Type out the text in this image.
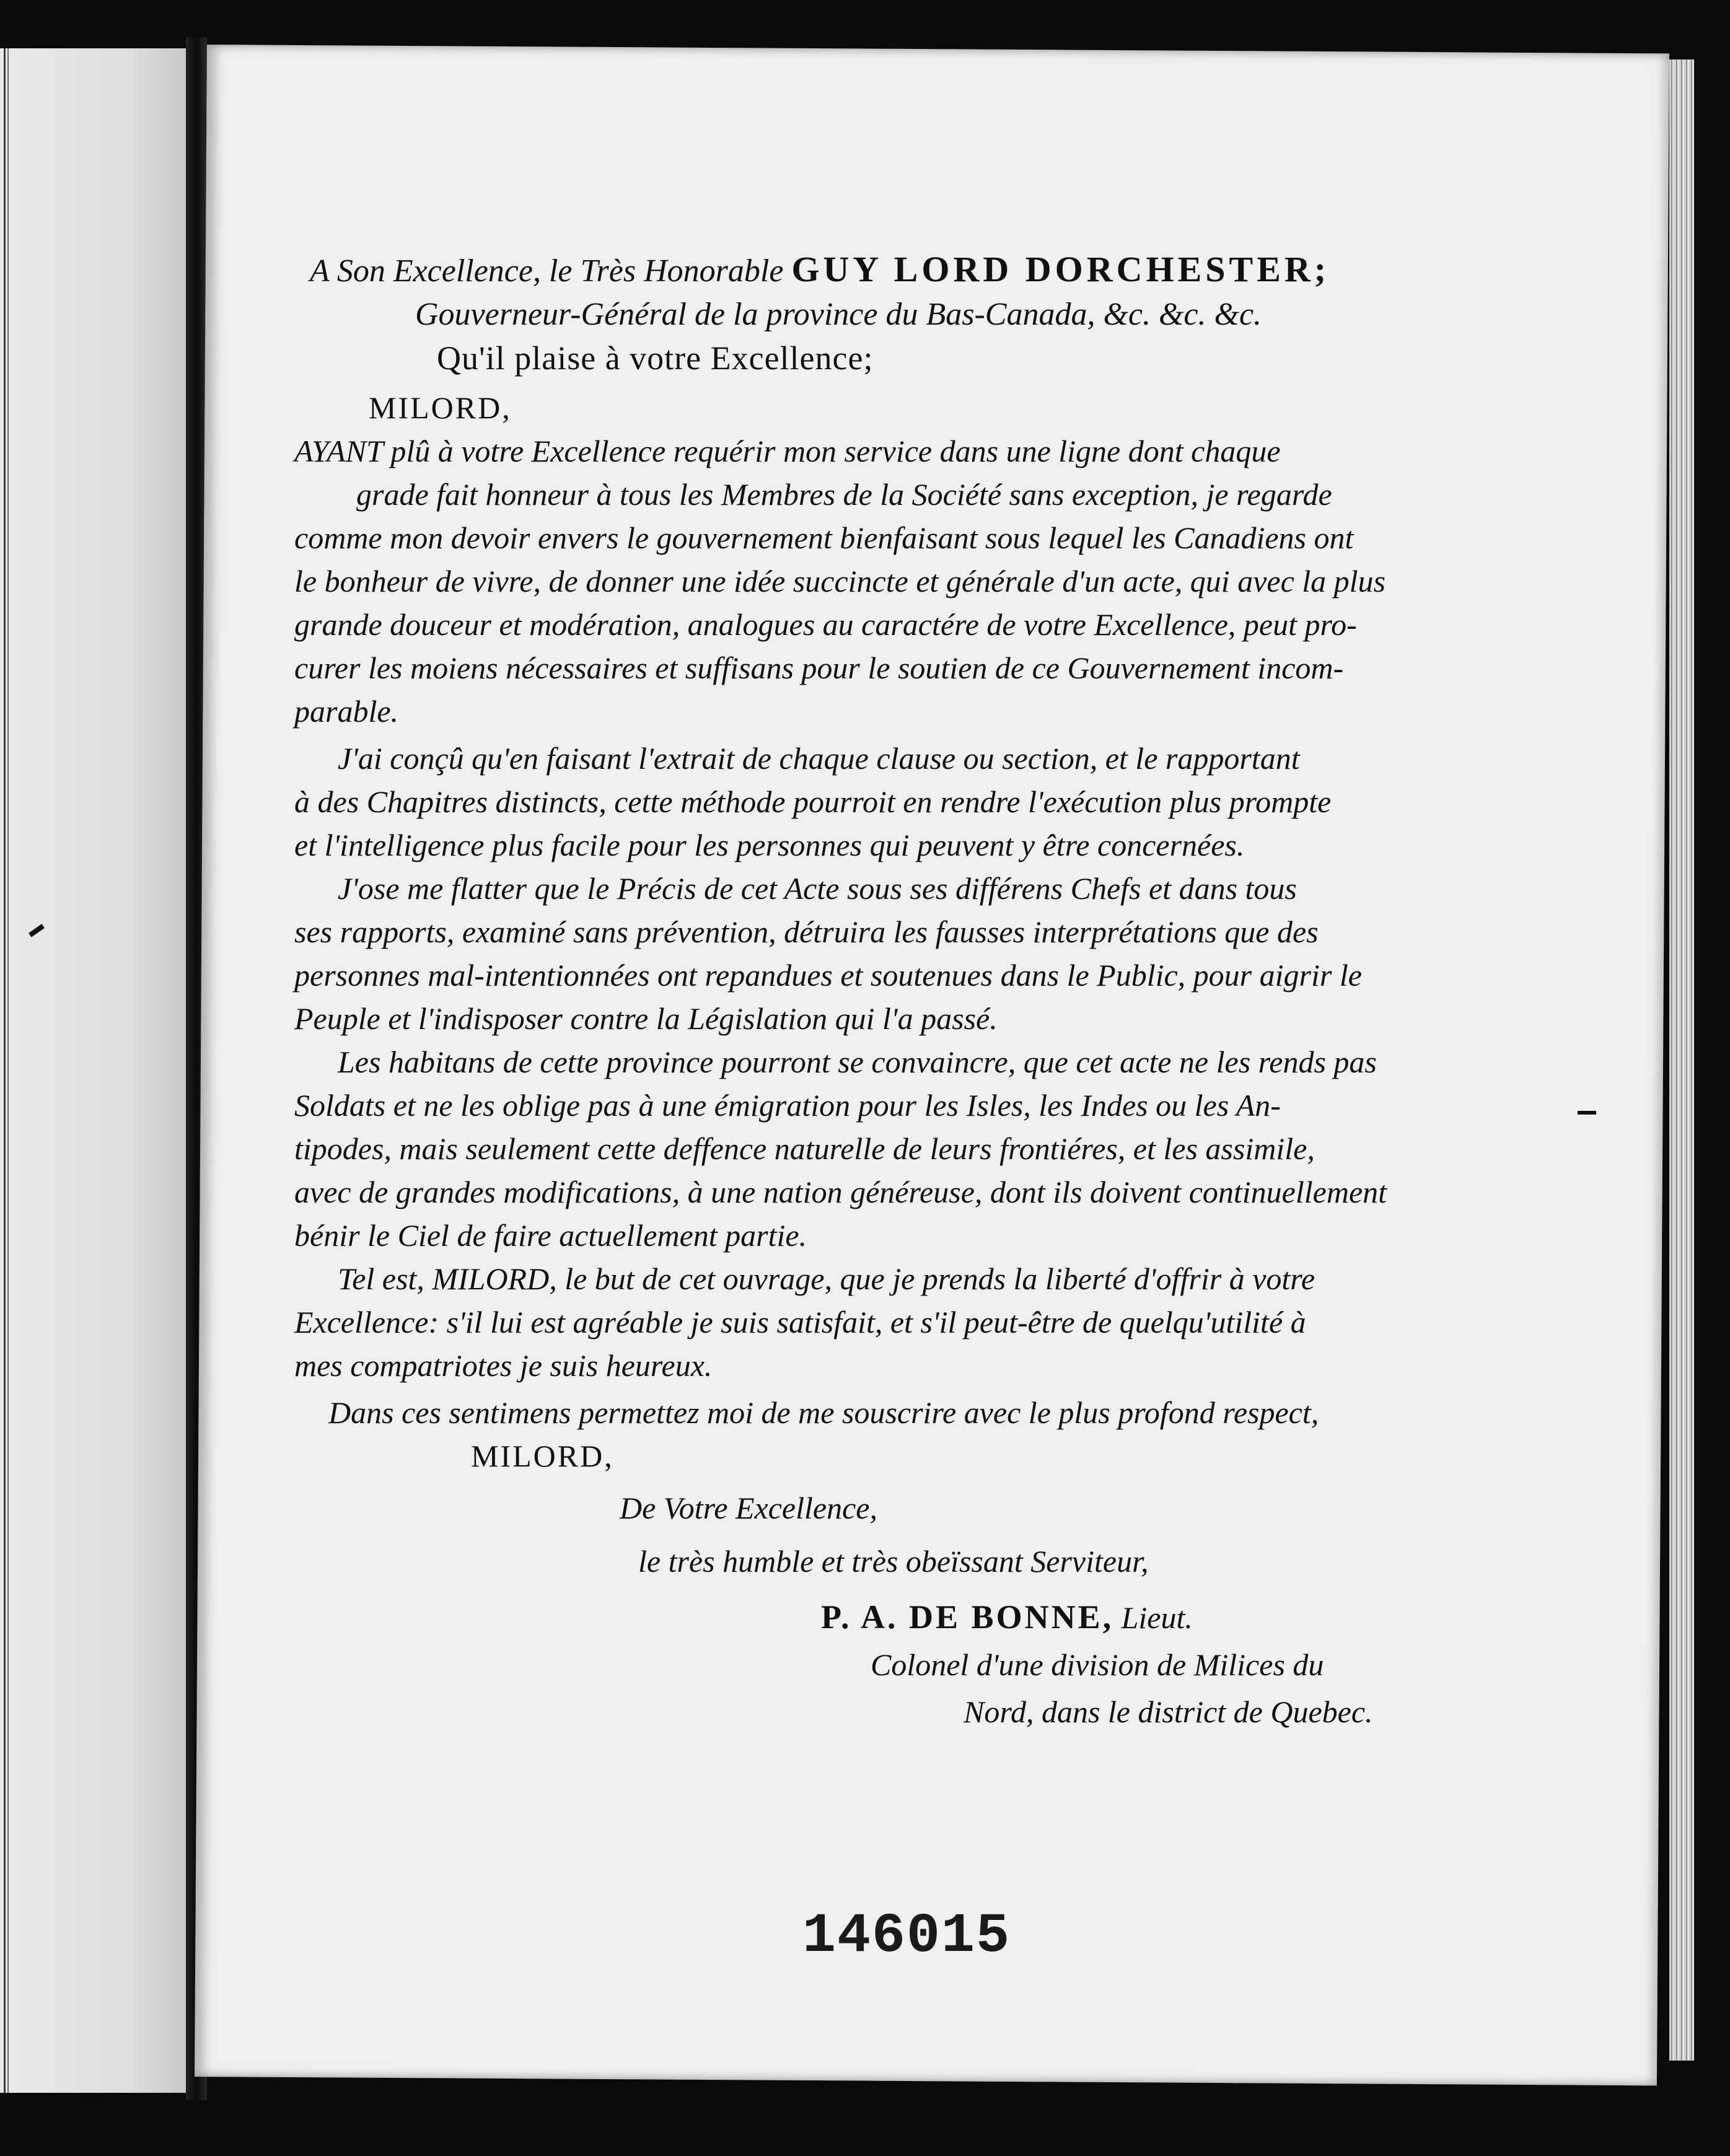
A Son Excellence, le Très Honorable GUY LORD DORCHESTER;
Gouverneur-Général de la province du Bas-Canada, &c. &c. &c.
Qu'il plaise à votre Excellence;
MILORD,
AYANT plû à votre Excellence requérir mon service dans une ligne dont chaque
grade fait honneur à tous les Membres de la Société sans exception, je regarde
comme mon devoir envers le gouvernement bienfaisant sous lequel les Canadiens ont
le bonheur de vivre, de donner une idée succincte et générale d'un acte, qui avec la plus
grande douceur et modération, analogues au caractére de votre Excellence, peut pro-
curer les moiens nécessaires et suffisans pour le soutien de ce Gouvernement incom-
parable.
J'ai conçû qu'en faisant l'extrait de chaque clause ou section, et le rapportant
à des Chapitres distincts, cette méthode pourroit en rendre l'exécution plus prompte
et l'intelligence plus facile pour les personnes qui peuvent y être concernées.
J'ose me flatter que le Précis de cet Acte sous ses différens Chefs et dans tous
ses rapports, examiné sans prévention, détruira les fausses interprétations que des
personnes mal-intentionnées ont repandues et soutenues dans le Public, pour aigrir le
Peuple et l'indisposer contre la Législation qui l'a passé.
Les habitans de cette province pourront se convaincre, que cet acte ne les rends pas
Soldats et ne les oblige pas à une émigration pour les Isles, les Indes ou les An-
tipodes, mais seulement cette deffence naturelle de leurs frontiéres, et les assimile,
avec de grandes modifications, à une nation généreuse, dont ils doivent continuellement
bénir le Ciel de faire actuellement partie.
Tel est, MILORD, le but de cet ouvrage, que je prends la liberté d'offrir à votre
Excellence: s'il lui est agréable je suis satisfait, et s'il peut-être de quelqu'utilité à
mes compatriotes je suis heureux.
Dans ces sentimens permettez moi de me souscrire avec le plus profond respect,
MILORD,
De Votre Excellence,
le très humble et très obeïssant Serviteur,
P. A. DE BONNE, Lieut.
Colonel d'une division de Milices du
Nord, dans le district de Quebec.
146015
